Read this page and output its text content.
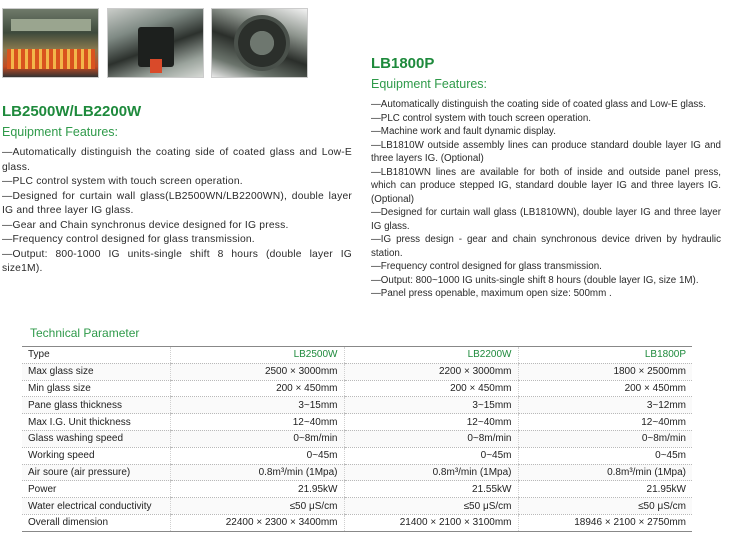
LB2500W/LB2200W
Equipment Features:
—Automatically distinguish the coating side of coated glass and Low-E glass.
—PLC control system with touch screen operation.
—Designed for curtain wall glass(LB2500WN/LB2200WN), double layer IG and three layer IG glass.
—Gear and Chain synchronus device designed for IG press.
—Frequency control designed for glass transmission.
—Output: 800-1000 IG units-single shift 8 hours (double layer IG size1M).
LB1800P
Equipment Features:
—Automatically distinguish the coating side of coated glass and Low-E glass.
—PLC control system with touch screen operation.
—Machine work and fault dynamic display.
—LB1810W outside assembly lines can produce standard double layer IG and three layers IG. (Optional)
—LB1810WN lines are available for both of inside and outside panel press, which can produce stepped IG, standard double layer IG and three layers IG. (Optional)
—Designed for curtain wall glass (LB1810WN), double layer IG and three layer IG glass.
—IG press design - gear and chain synchronous device driven by hydraulic station.
—Frequency control designed for glass transmission.
—Output: 800~1000 IG units-single shift 8 hours (double layer IG, size 1M).
—Panel press openable, maximum open size: 500mm .
Technical Parameter
Type	LB2500W	LB2200W	LB1800P
Max glass size	2500 × 3000mm	2200 × 3000mm	1800 × 2500mm
Min glass size	200 × 450mm	200 × 450mm	200 × 450mm
Pane glass thickness	3~15mm	3~15mm	3~12mm
Max I.G. Unit thickness	12~40mm	12~40mm	12~40mm
Glass washing speed	0~8m/min	0~8m/min	0~8m/min
Working speed	0~45m	0~45m	0~45m
Air soure (air pressure)	0.8m³/min (1Mpa)	0.8m³/min (1Mpa)	0.8m³/min (1Mpa)
Power	21.95kW	21.55kW	21.95kW
Water electrical conductivity	≤50 μS/cm	≤50 μS/cm	≤50 μS/cm
Overall dimension	22400 × 2300 × 3400mm	21400 × 2100 × 3100mm	18946 × 2100 × 2750mm
